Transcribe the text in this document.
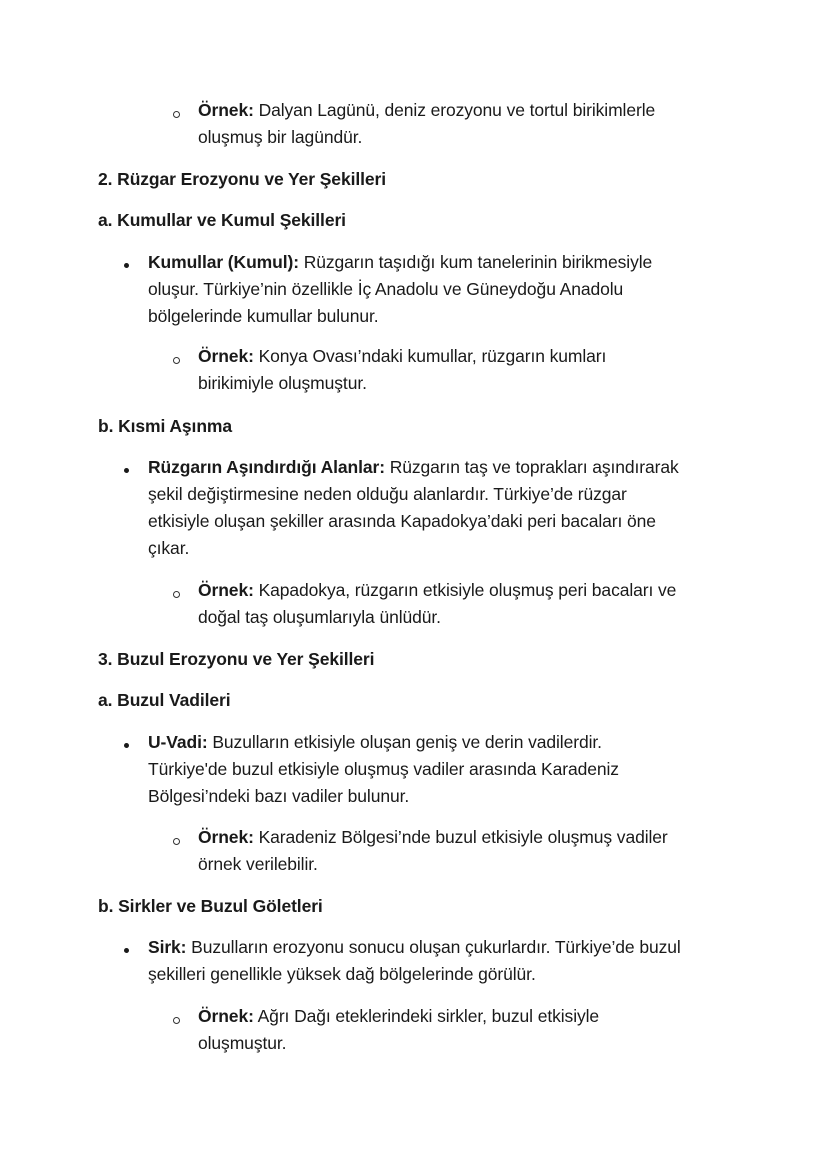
Örnek: Dalyan Lagünü, deniz erozyonu ve tortul birikimlerle
oluşmuş bir lagündür.
2. Rüzgar Erozyonu ve Yer Şekilleri
a. Kumullar ve Kumul Şekilleri
Kumullar (Kumul): Rüzgarın taşıdığı kum tanelerinin birikmesiyle
oluşur. Türkiye’nin özellikle İç Anadolu ve Güneydoğu Anadolu
bölgelerinde kumullar bulunur.
Örnek: Konya Ovası’ndaki kumullar, rüzgarın kumları
birikimiyle oluşmuştur.
b. Kısmi Aşınma
Rüzgarın Aşındırdığı Alanlar: Rüzgarın taş ve toprakları aşındırarak
şekil değiştirmesine neden olduğu alanlardır. Türkiye’de rüzgar
etkisiyle oluşan şekiller arasında Kapadokya’daki peri bacaları öne
çıkar.
Örnek: Kapadokya, rüzgarın etkisiyle oluşmuş peri bacaları ve
doğal taş oluşumlarıyla ünlüdür.
3. Buzul Erozyonu ve Yer Şekilleri
a. Buzul Vadileri
U-Vadi: Buzulların etkisiyle oluşan geniş ve derin vadilerdir.
Türkiye'de buzul etkisiyle oluşmuş vadiler arasında Karadeniz
Bölgesi’ndeki bazı vadiler bulunur.
Örnek: Karadeniz Bölgesi’nde buzul etkisiyle oluşmuş vadiler
örnek verilebilir.
b. Sirkler ve Buzul Göletleri
Sirk: Buzulların erozyonu sonucu oluşan çukurlardır. Türkiye’de buzul
şekilleri genellikle yüksek dağ bölgelerinde görülür.
Örnek: Ağrı Dağı eteklerindeki sirkler, buzul etkisiyle
oluşmuştur.
